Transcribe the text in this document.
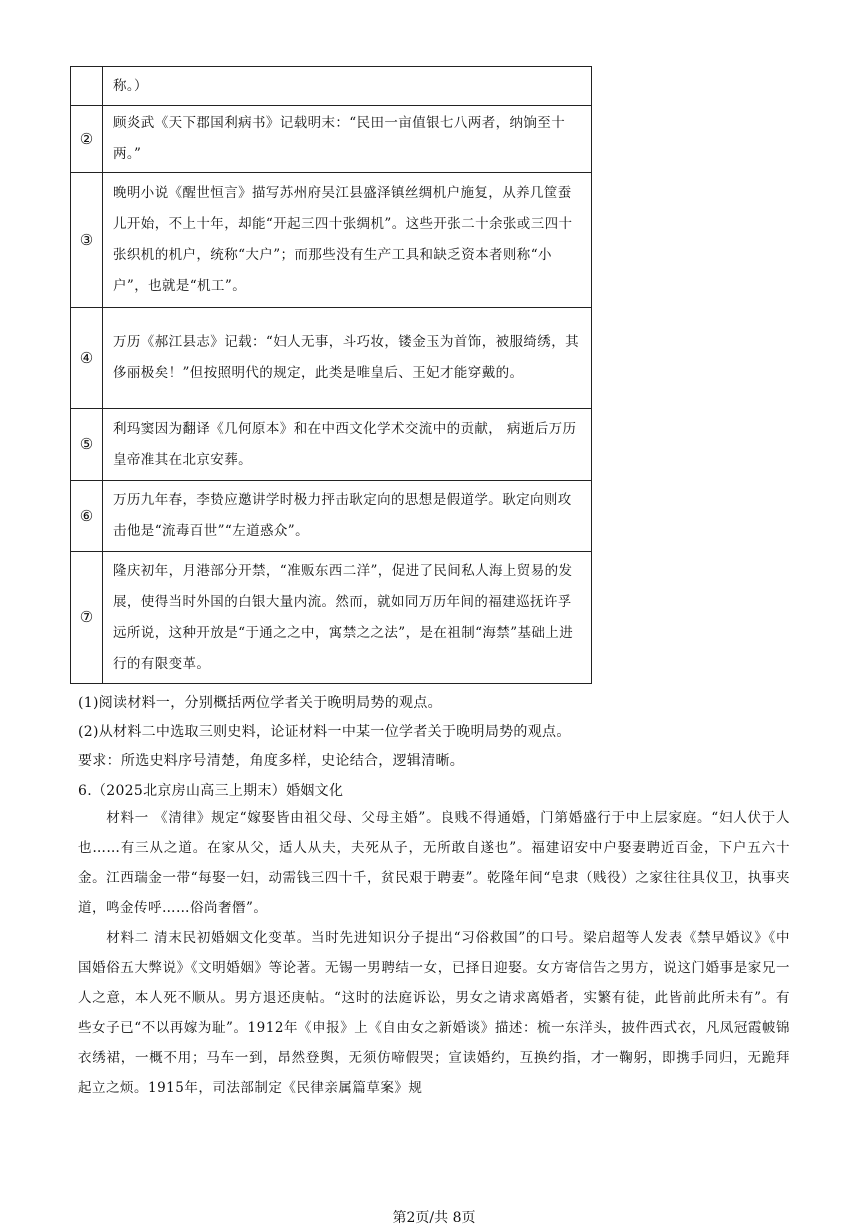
	称。）
②	顾炎武《天下郡国利病书》记载明末：“民田一亩值银七八两者，纳饷至十两。”
③	晚明小说《醒世恒言》描写苏州府吴江县盛泽镇丝绸机户施复，从养几筐蚕儿开始，不上十年，却能“开起三四十张绸机”。这些开张二十余张或三四十张织机的机户，统称“大户”；而那些没有生产工具和缺乏资本者则称“小户”，也就是“机工”。
④	万历《郝江县志》记载：“妇人无事，斗巧妆，镂金玉为首饰，被服绮绣，其侈丽极矣！”但按照明代的规定，此类是唯皇后、王妃才能穿戴的。
⑤	利玛窦因为翻译《几何原本》和在中西文化学术交流中的贡献， 病逝后万历皇帝准其在北京安葬。
⑥	万历九年春，李贽应邀讲学时极力抨击耿定向的思想是假道学。耿定向则攻击他是“流毒百世”“左道惑众”。
⑦	隆庆初年，月港部分开禁，“准贩东西二洋”，促进了民间私人海上贸易的发展，使得当时外国的白银大量内流。然而，就如同万历年间的福建巡抚许孚远所说，这种开放是“于通之之中，寓禁之之法”，是在祖制“海禁”基础上进行的有限变革。
(1)阅读材料一，分别概括两位学者关于晚明局势的观点。
(2)从材料二中选取三则史料，论证材料一中某一位学者关于晚明局势的观点。
要求：所选史料序号清楚，角度多样，史论结合，逻辑清晰。
6.（2025北京房山高三上期末）婚姻文化

材料一 《清律》规定“嫁娶皆由祖父母、父母主婚”。良贱不得通婚，门第婚盛行于中上层家庭。“妇人伏于人也……有三从之道。在家从父，适人从夫，夫死从子，无所敢自遂也”。福建诏安中户娶妻聘近百金，下户五六十金。江西瑞金一带“每娶一妇，动需钱三四十千，贫民艰于聘妻”。乾隆年间“皂隶（贱役）之家往往具仪卫，执事夹道，鸣金传呼……俗尚奢僭”。

材料二 清末民初婚姻文化变革。当时先进知识分子提出“习俗救国”的口号。梁启超等人发表《禁早婚议》《中国婚俗五大弊说》《文明婚姻》等论著。无锡一男聘结一女，已择日迎娶。女方寄信告之男方，说这门婚事是家兄一人之意，本人死不顺从。男方退还庚帖。“这时的法庭诉讼，男女之请求离婚者，实繁有徒，此皆前此所未有”。有些女子已“不以再嫁为耻”。1912年《申报》上《自由女之新婚谈》描述：梳一东洋头，披件西式衣，凡凤冠霞帔锦衣绣裙，一概不用；马车一到，昂然登舆，无须仿啼假哭；宣读婚约，互换约指，才一鞠躬，即携手同归，无跪拜起立之烦。1915年，司法部制定《民律亲属篇草案》规

第2页/共 8页
